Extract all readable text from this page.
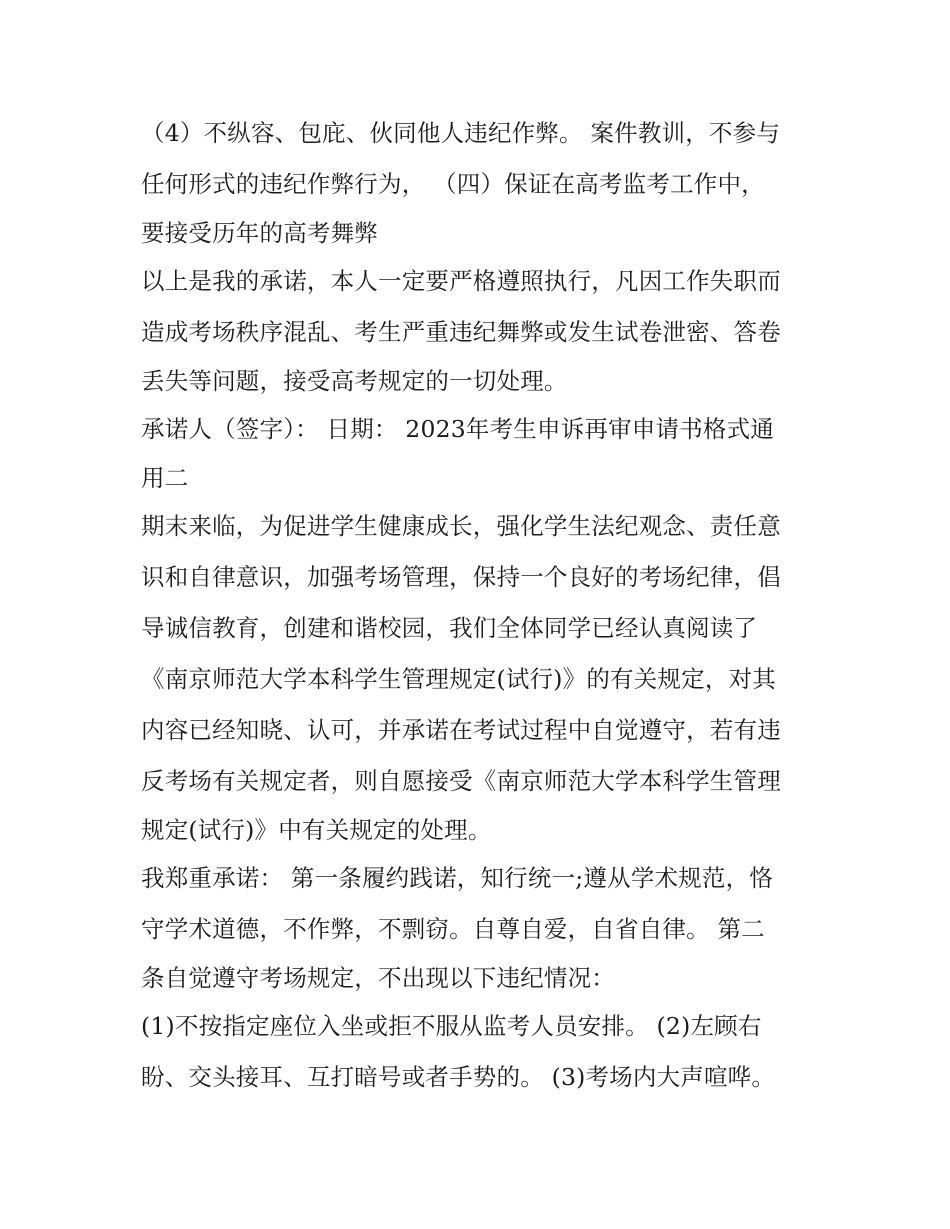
（4）不纵容、包庇、伙同他人违纪作弊。 案件教训，不参与
任何形式的违纪作弊行为， （四）保证在高考监考工作中，
要接受历年的高考舞弊
以上是我的承诺，本人一定要严格遵照执行，凡因工作失职而
造成考场秩序混乱、考生严重违纪舞弊或发生试卷泄密、答卷
丢失等问题，接受高考规定的一切处理。
承诺人（签字）： 日期： 2023年考生申诉再审申请书格式通
用二
期末来临，为促进学生健康成长，强化学生法纪观念、责任意
识和自律意识，加强考场管理，保持一个良好的考场纪律，倡
导诚信教育，创建和谐校园，我们全体同学已经认真阅读了
《南京师范大学本科学生管理规定(试行)》的有关规定，对其
内容已经知晓、认可，并承诺在考试过程中自觉遵守，若有违
反考场有关规定者，则自愿接受《南京师范大学本科学生管理
规定(试行)》中有关规定的处理。
我郑重承诺： 第一条履约践诺，知行统一;遵从学术规范，恪
守学术道德，不作弊，不剽窃。自尊自爱，自省自律。 第二
条自觉遵守考场规定，不出现以下违纪情况：
(1)不按指定座位入坐或拒不服从监考人员安排。 (2)左顾右
盼、交头接耳、互打暗号或者手势的。 (3)考场内大声喧哗。
